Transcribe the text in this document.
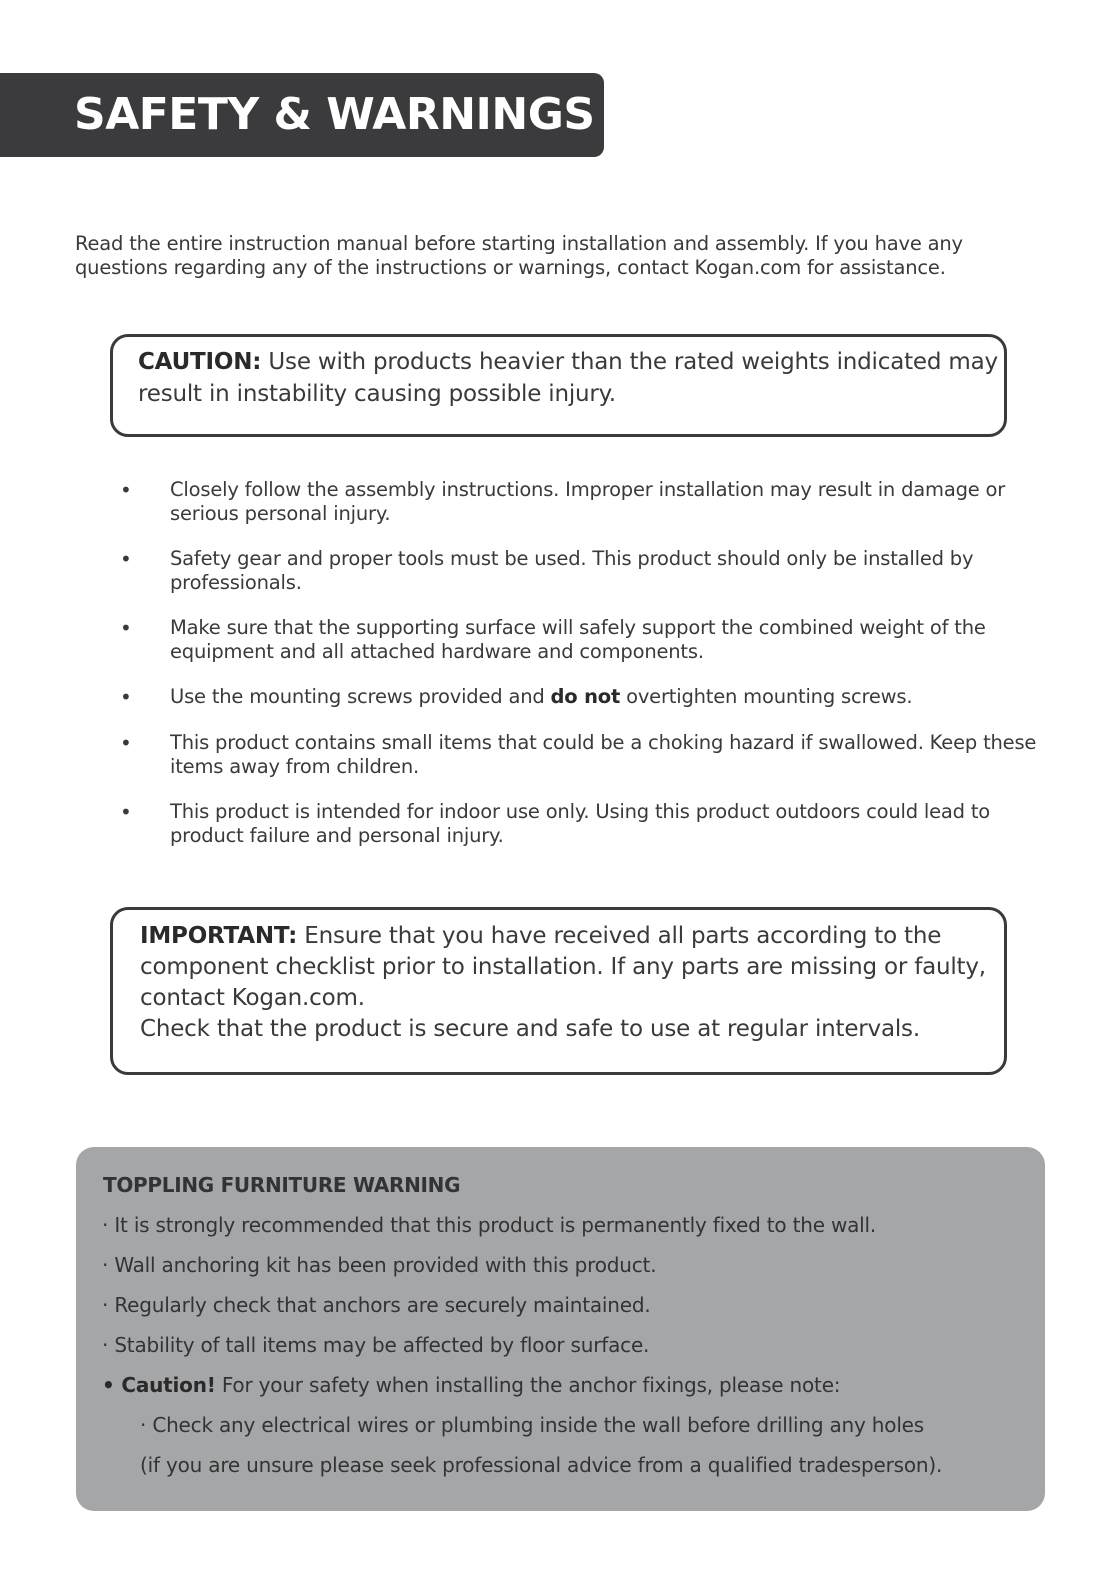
SAFETY & WARNINGS

Read the entire instruction manual before starting installation and assembly. If you have any questions regarding any of the instructions or warnings, contact Kogan.com for assistance.

CAUTION: Use with products heavier than the rated weights indicated may result in instability causing possible injury.

• Closely follow the assembly instructions. Improper installation may result in damage or serious personal injury.

• Safety gear and proper tools must be used. This product should only be installed by professionals.

• Make sure that the supporting surface will safely support the combined weight of the equipment and all attached hardware and components.

• Use the mounting screws provided and do not overtighten mounting screws.

• This product contains small items that could be a choking hazard if swallowed. Keep these items away from children.

• This product is intended for indoor use only. Using this product outdoors could lead to product failure and personal injury.

IMPORTANT: Ensure that you have received all parts according to the component checklist prior to installation. If any parts are missing or faulty, contact Kogan.com.
Check that the product is secure and safe to use at regular intervals.

TOPPLING FURNITURE WARNING

· It is strongly recommended that this product is permanently fixed to the wall.

· Wall anchoring kit has been provided with this product.

· Regularly check that anchors are securely maintained.

· Stability of tall items may be affected by floor surface.

• Caution! For your safety when installing the anchor fixings, please note:

· Check any electrical wires or plumbing inside the wall before drilling any holes

(if you are unsure please seek professional advice from a qualified tradesperson).
